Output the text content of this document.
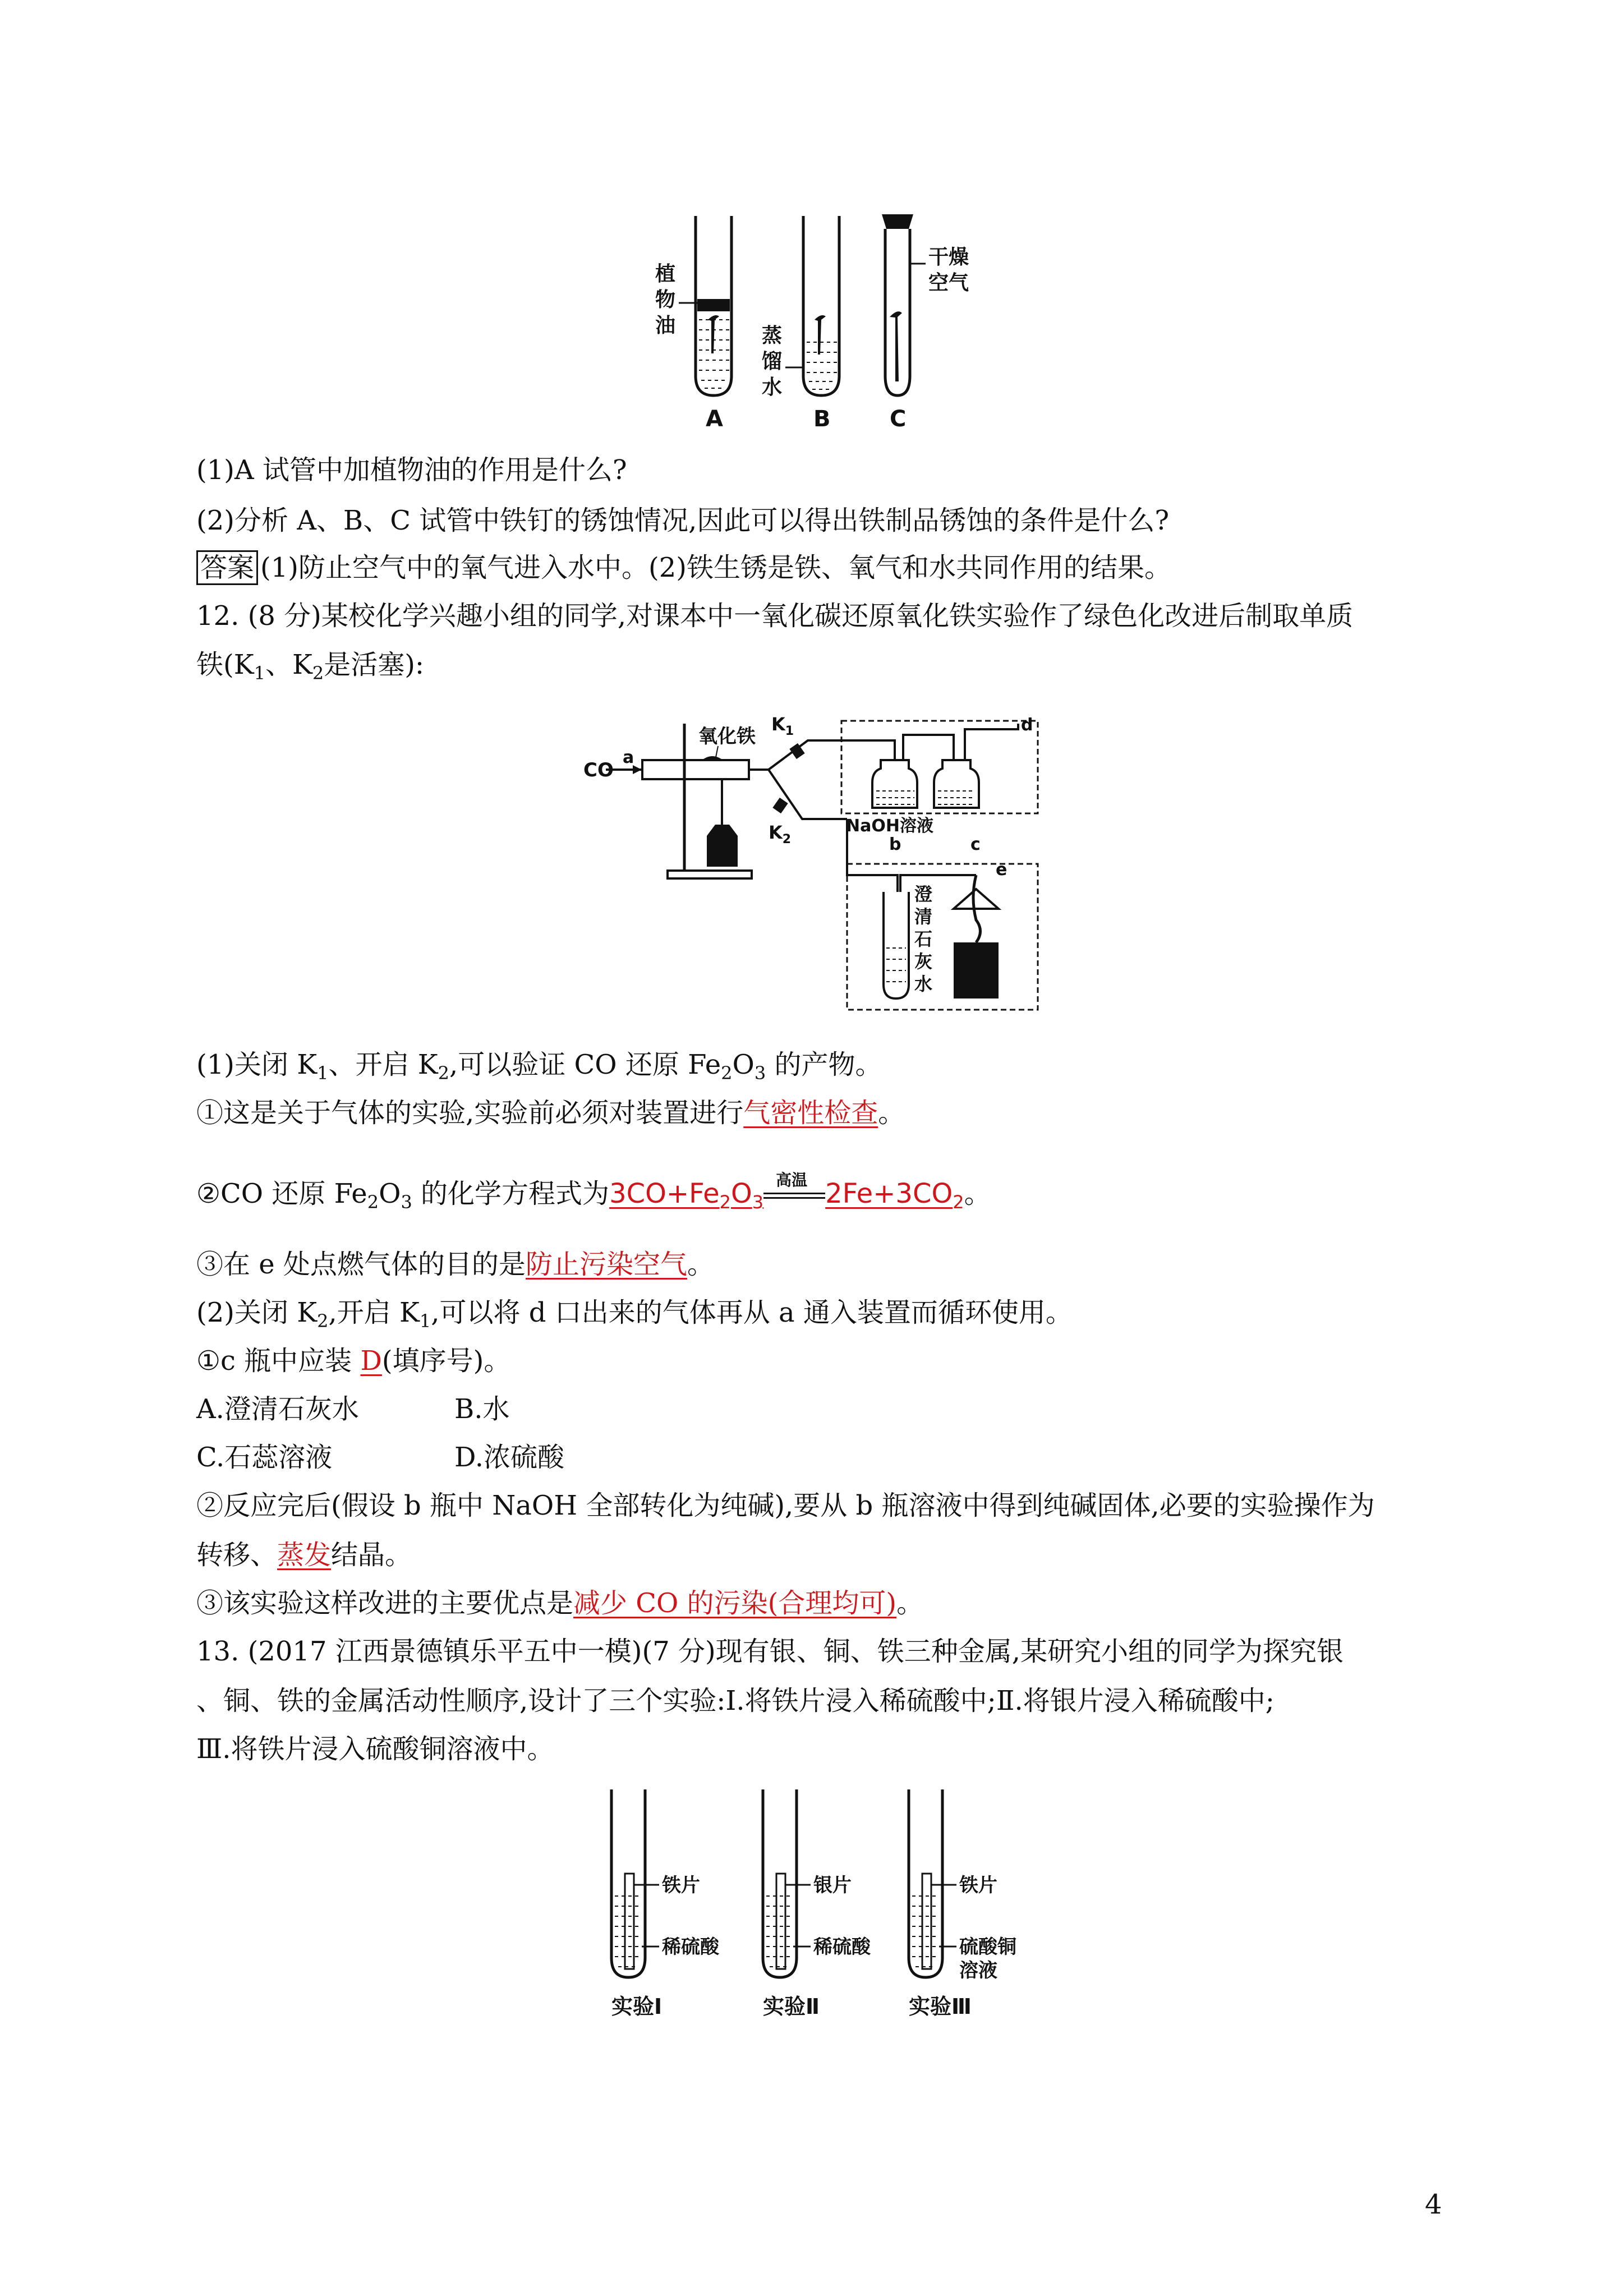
植
物
油	蒸
馏
水
干燥
空气
A	B	C
(1)A 试管中加植物油的作用是什么?
(2)分析 A、B、C 试管中铁钉的锈蚀情况,因此可以得出铁制品锈蚀的条件是什么?
答案 (1)防止空气中的氧气进入水中。(2)铁生锈是铁、氧气和水共同作用的结果。
12. (8 分)某校化学兴趣小组的同学,对课本中一氧化碳还原氧化铁实验作了绿色化改进后制取单质
铁($K_1$、$K_2$是活塞):
CO
a
氧化铁
$K_1$
$K_2$
d
NaOH溶液
b	c
澄
清
石
灰
水
e
(1)关闭 $K_1$、开启 $K_2$,可以验证 CO 还原 $Fe_2O_3$ 的产物。
①这是关于气体的实验,实验前必须对装置进行气密性检查。
②CO 还原 $Fe_2O_3$ 的化学方程式为$3CO+Fe_2O_3$
高温 $2Fe+3CO_2$。
③在 e 处点燃气体的目的是防止污染空气。
(2)关闭 $K_2$,开启 $K_1$,可以将 d 口出来的气体再从 a 通入装置而循环使用。
①c 瓶中应装 D(填序号)。
A.澄清石灰水	B.水
C.石蕊溶液	D.浓硫酸
②反应完后(假设 b 瓶中 NaOH 全部转化为纯碱),要从 b 瓶溶液中得到纯碱固体,必要的实验操作为
转移、蒸发结晶。
③该实验这样改进的主要优点是减少 CO 的污染(合理均可)。
13. (2017 江西景德镇乐平五中一模)(7 分)现有银、铜、铁三种金属,某研究小组的同学为探究银
、铜、铁的金属活动性顺序,设计了三个实验:Ⅰ.将铁片浸入稀硫酸中;Ⅱ.将银片浸入稀硫酸中;
Ⅲ.将铁片浸入硫酸铜溶液中。
铁片
稀硫酸
实验Ⅰ
银片
稀硫酸
实验Ⅱ
铁片
硫酸铜
溶液
实验Ⅲ
4
